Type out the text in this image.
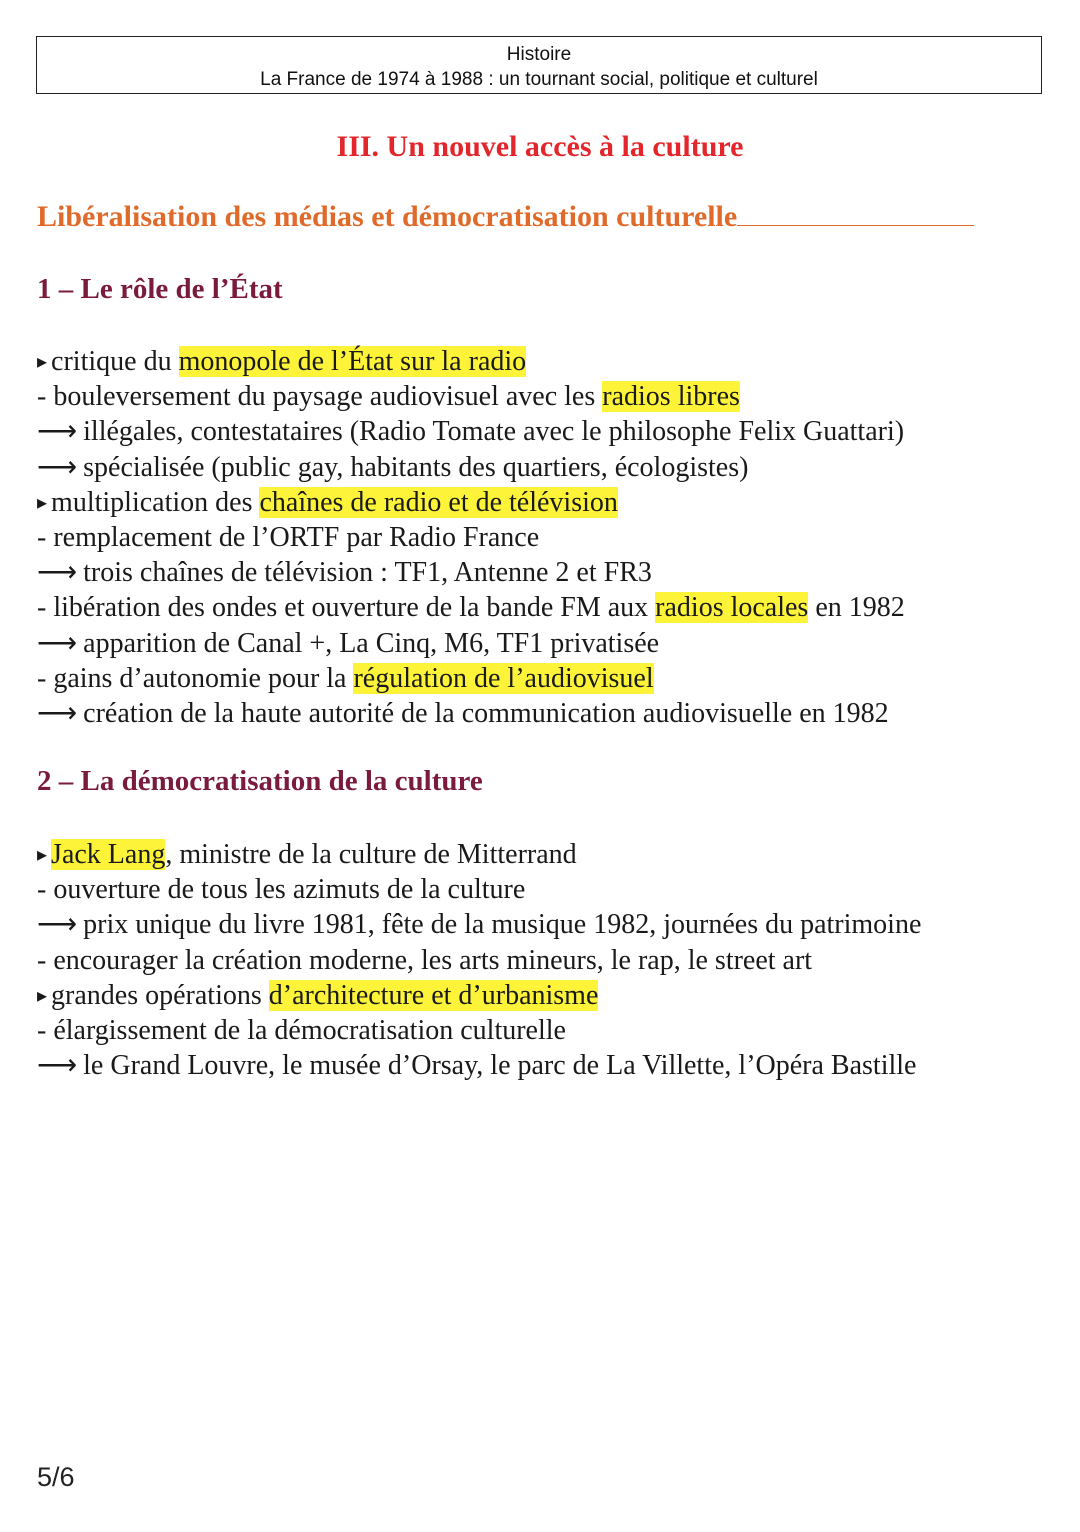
Histoire
La France de 1974 à 1988 : un tournant social, politique et culturel
III. Un nouvel accès à la culture
Libéralisation des médias et démocratisation culturelle
1 – Le rôle de l’État
▸ critique du monopole de l’État sur la radio
- bouleversement du paysage audiovisuel avec les radios libres
⟶ illégales, contestataires (Radio Tomate avec le philosophe Felix Guattari)
⟶ spécialisée (public gay, habitants des quartiers, écologistes)
▸ multiplication des chaînes de radio et de télévision
- remplacement de l’ORTF par Radio France
⟶ trois chaînes de télévision : TF1, Antenne 2 et FR3
- libération des ondes et ouverture de la bande FM aux radios locales en 1982
⟶ apparition de Canal +, La Cinq, M6, TF1 privatisée
- gains d’autonomie pour la régulation de l’audiovisuel
⟶ création de la haute autorité de la communication audiovisuelle en 1982
2 – La démocratisation de la culture
▸ Jack Lang, ministre de la culture de Mitterrand
- ouverture de tous les azimuts de la culture
⟶ prix unique du livre 1981, fête de la musique 1982, journées du patrimoine
- encourager la création moderne, les arts mineurs, le rap, le street art
▸ grandes opérations d’architecture et d’urbanisme
- élargissement de la démocratisation culturelle
⟶ le Grand Louvre, le musée d’Orsay, le parc de La Villette, l’Opéra Bastille
5/6
